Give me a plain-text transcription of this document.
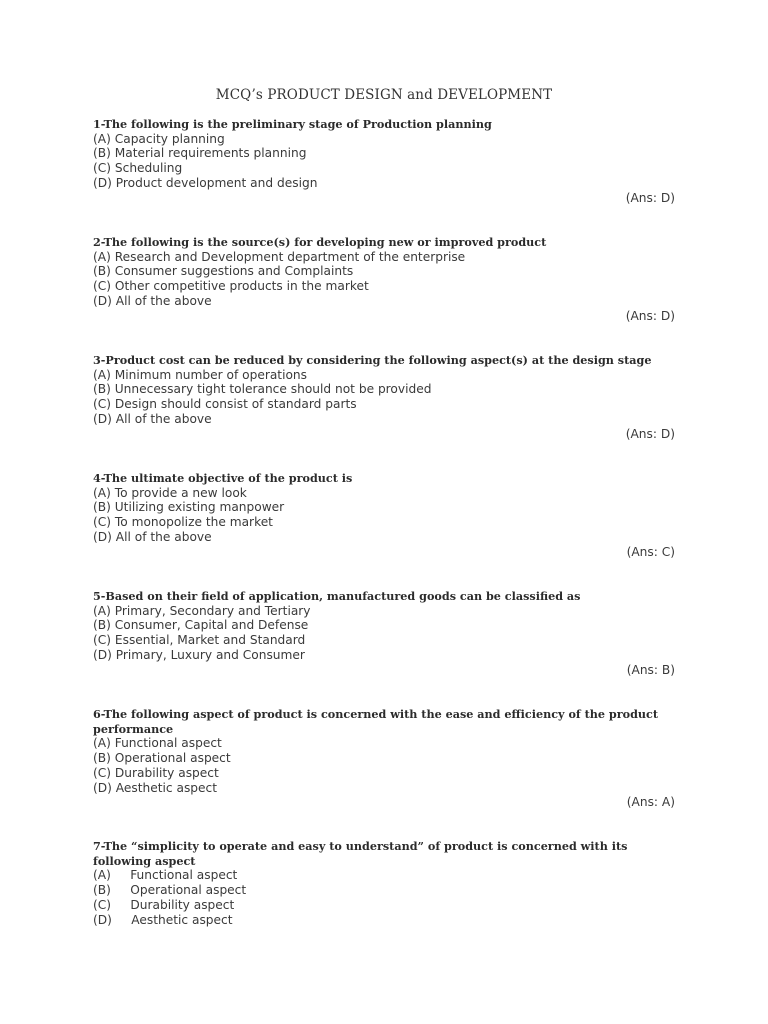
MCQ’s PRODUCT DESIGN and DEVELOPMENT
1-The following is the preliminary stage of Production planning
(A) Capacity planning
(B) Material requirements planning
(C) Scheduling
(D) Product development and design
(Ans: D)
2-The following is the source(s) for developing new or improved product
(A) Research and Development department of the enterprise
(B) Consumer suggestions and Complaints
(C) Other competitive products in the market
(D) All of the above
(Ans: D)
3-Product cost can be reduced by considering the following aspect(s) at the design stage
(A) Minimum number of operations
(B) Unnecessary tight tolerance should not be provided
(C) Design should consist of standard parts
(D) All of the above
(Ans: D)
4-The ultimate objective of the product is
(A) To provide a new look
(B) Utilizing existing manpower
(C) To monopolize the market
(D) All of the above
(Ans: C)
5-Based on their field of application, manufactured goods can be classified as
(A) Primary, Secondary and Tertiary
(B) Consumer, Capital and Defense
(C) Essential, Market and Standard
(D) Primary, Luxury and Consumer
(Ans: B)
6-The following aspect of product is concerned with the ease and efficiency of the product performance
(A) Functional aspect
(B) Operational aspect
(C) Durability aspect
(D) Aesthetic aspect
(Ans: A)
7-The “simplicity to operate and easy to understand” of product is concerned with its following aspect
(A)     Functional aspect
(B)     Operational aspect
(C)     Durability aspect
(D)     Aesthetic aspect
